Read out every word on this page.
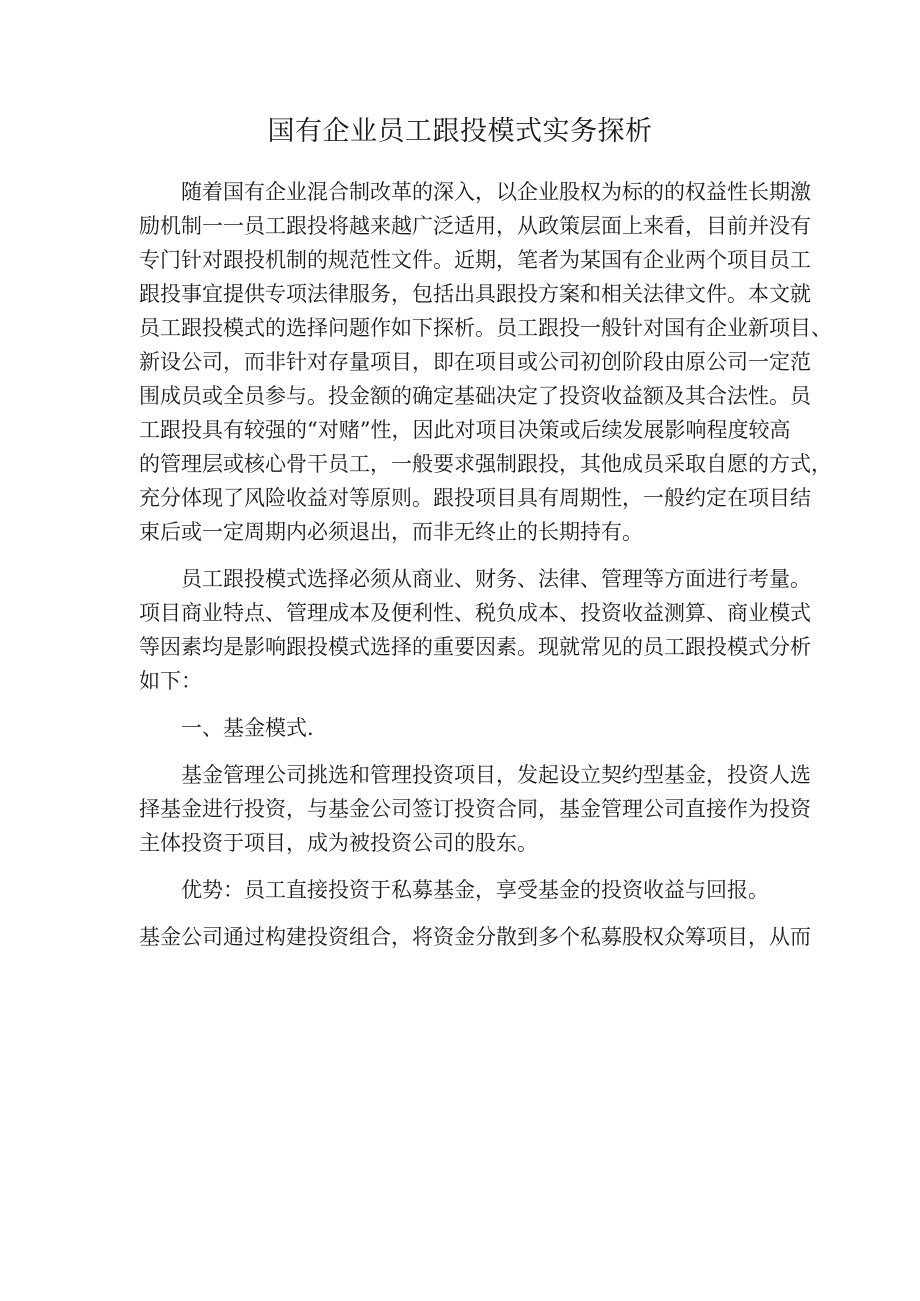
国有企业员工跟投模式实务探析

随着国有企业混合制改革的深入，以企业股权为标的的权益性长期激
励机制一一员工跟投将越来越广泛适用，从政策层面上来看，目前并没有
专门针对跟投机制的规范性文件。近期，笔者为某国有企业两个项目员工
跟投事宜提供专项法律服务，包括出具跟投方案和相关法律文件。本文就
员工跟投模式的选择问题作如下探析。员工跟投一般针对国有企业新项目、
新设公司，而非针对存量项目，即在项目或公司初创阶段由原公司一定范
围成员或全员参与。投金额的确定基础决定了投资收益额及其合法性。员
工跟投具有较强的“对赌”性，因此对项目决策或后续发展影响程度较高
的管理层或核心骨干员工，一般要求强制跟投，其他成员采取自愿的方式，
充分体现了风险收益对等原则。跟投项目具有周期性，一般约定在项目结
束后或一定周期内必须退出，而非无终止的长期持有。

员工跟投模式选择必须从商业、财务、法律、管理等方面进行考量。
项目商业特点、管理成本及便利性、税负成本、投资收益测算、商业模式
等因素均是影响跟投模式选择的重要因素。现就常见的员工跟投模式分析
如下：

一、基金模式.

基金管理公司挑选和管理投资项目，发起设立契约型基金，投资人选
择基金进行投资，与基金公司签订投资合同，基金管理公司直接作为投资
主体投资于项目，成为被投资公司的股东。

优势：员工直接投资于私募基金，享受基金的投资收益与回报。

基金公司通过构建投资组合，将资金分散到多个私募股权众筹项目，从而
